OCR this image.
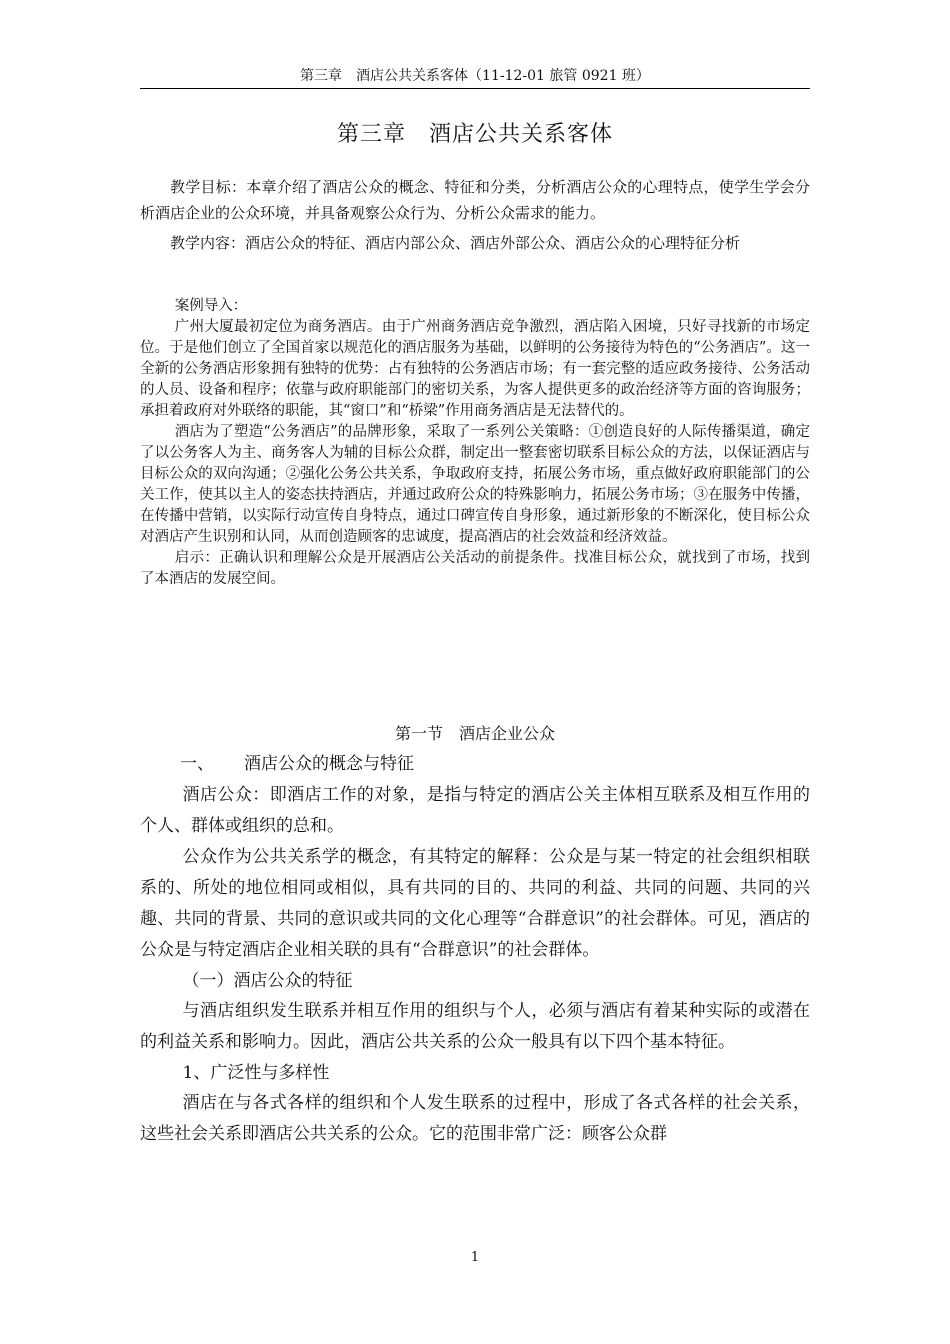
第三章　酒店公共关系客体（11-12-01 旅管 0921 班）
第三章　酒店公共关系客体

教学目标：本章介绍了酒店公众的概念、特征和分类，分析酒店公众的心理特点，使学生学会分析酒店企业的公众环境，并具备观察公众行为、分析公众需求的能力。

教学内容：酒店公众的特征、酒店内部公众、酒店外部公众、酒店公众的心理特征分析

案例导入：

广州大厦最初定位为商务酒店。由于广州商务酒店竞争激烈，酒店陷入困境，只好寻找新的市场定位。于是他们创立了全国首家以规范化的酒店服务为基础，以鲜明的公务接待为特色的“公务酒店”。这一全新的公务酒店形象拥有独特的优势：占有独特的公务酒店市场；有一套完整的适应政务接待、公务活动的人员、设备和程序；依靠与政府职能部门的密切关系，为客人提供更多的政治经济等方面的咨询服务；承担着政府对外联络的职能，其“窗口”和“桥梁”作用商务酒店是无法替代的。

酒店为了塑造“公务酒店”的品牌形象，采取了一系列公关策略：①创造良好的人际传播渠道，确定了以公务客人为主、商务客人为辅的目标公众群，制定出一整套密切联系目标公众的方法，以保证酒店与目标公众的双向沟通；②强化公务公共关系，争取政府支持，拓展公务市场，重点做好政府职能部门的公关工作，使其以主人的姿态扶持酒店，并通过政府公众的特殊影响力，拓展公务市场；③在服务中传播，在传播中营销，以实际行动宣传自身特点，通过口碑宣传自身形象，通过新形象的不断深化，使目标公众对酒店产生识别和认同，从而创造顾客的忠诚度，提高酒店的社会效益和经济效益。

启示：正确认识和理解公众是开展酒店公关活动的前提条件。找准目标公众，就找到了市场，找到了本酒店的发展空间。

第一节　酒店企业公众
一、 酒店公众的概念与特征

酒店公众：即酒店工作的对象，是指与特定的酒店公关主体相互联系及相互作用的个人、群体或组织的总和。

公众作为公共关系学的概念，有其特定的解释：公众是与某一特定的社会组织相联系的、所处的地位相同或相似，具有共同的目的、共同的利益、共同的问题、共同的兴趣、共同的背景、共同的意识或共同的文化心理等“合群意识”的社会群体。可见，酒店的公众是与特定酒店企业相关联的具有“合群意识”的社会群体。

（一）酒店公众的特征

与酒店组织发生联系并相互作用的组织与个人，必须与酒店有着某种实际的或潜在的利益关系和影响力。因此，酒店公共关系的公众一般具有以下四个基本特征。

1、广泛性与多样性

酒店在与各式各样的组织和个人发生联系的过程中，形成了各式各样的社会关系，这些社会关系即酒店公共关系的公众。它的范围非常广泛：顾客公众群

1
